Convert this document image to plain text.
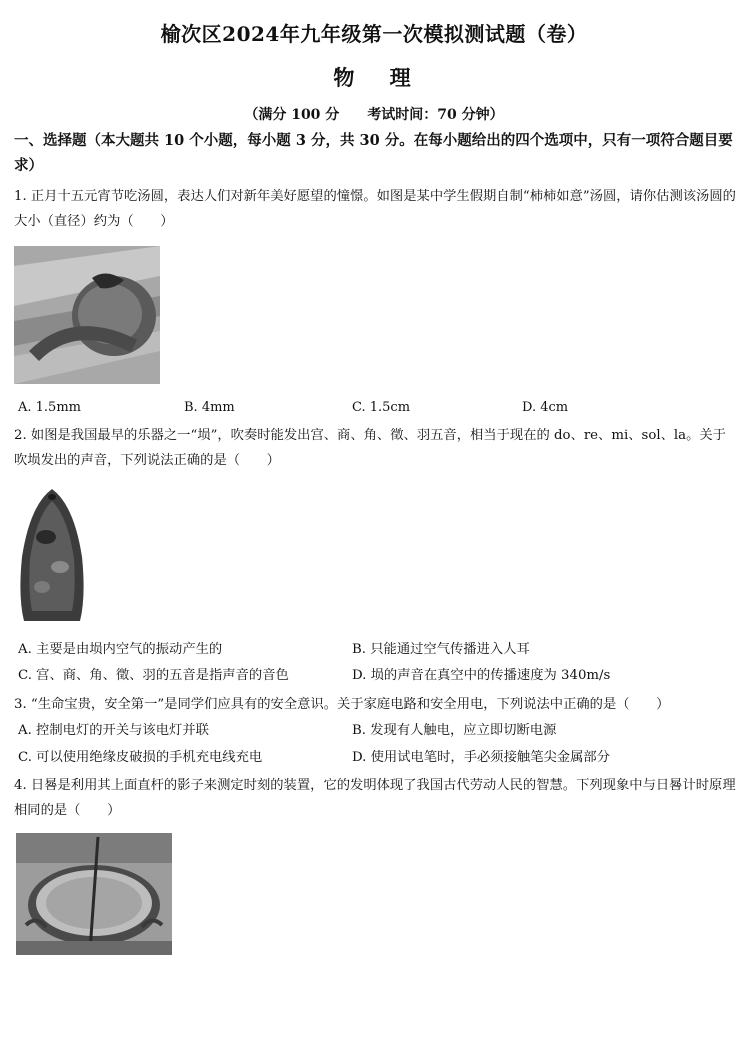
榆次区2024年九年级第一次模拟测试题（卷）
物 理
（满分 100 分 考试时间：70 分钟）
一、选择题（本大题共 10 个小题，每小题 3 分，共 30 分。在每小题给出的四个选项中，只有一项符合题目要求）
1. 正月十五元宵节吃汤圆，表达人们对新年美好愿望的憧憬。如图是某中学生假期自制“柿柿如意”汤圆，请你估测该汤圆的大小（直径）约为（　　）
A. 1.5mm	B. 4mm	C. 1.5cm	D. 4cm
2. 如图是我国最早的乐器之一“埙”，吹奏时能发出宫、商、角、徵、羽五音，相当于现在的 do、re、mi、sol、la。关于吹埙发出的声音，下列说法正确的是（　　）
A. 主要是由埙内空气的振动产生的	B. 只能通过空气传播进入人耳
C. 宫、商、角、徵、羽的五音是指声音的音色	D. 埙的声音在真空中的传播速度为 340m/s
3. “生命宝贵，安全第一”是同学们应具有的安全意识。关于家庭电路和安全用电，下列说法中正确的是（　　）
A. 控制电灯的开关与该电灯并联	B. 发现有人触电，应立即切断电源
C. 可以使用绝缘皮破损的手机充电线充电	D. 使用试电笔时，手必须接触笔尖金属部分
4. 日晷是利用其上面直杆的影子来测定时刻的装置，它的发明体现了我国古代劳动人民的智慧。下列现象中与日晷计时原理相同的是（　　）
